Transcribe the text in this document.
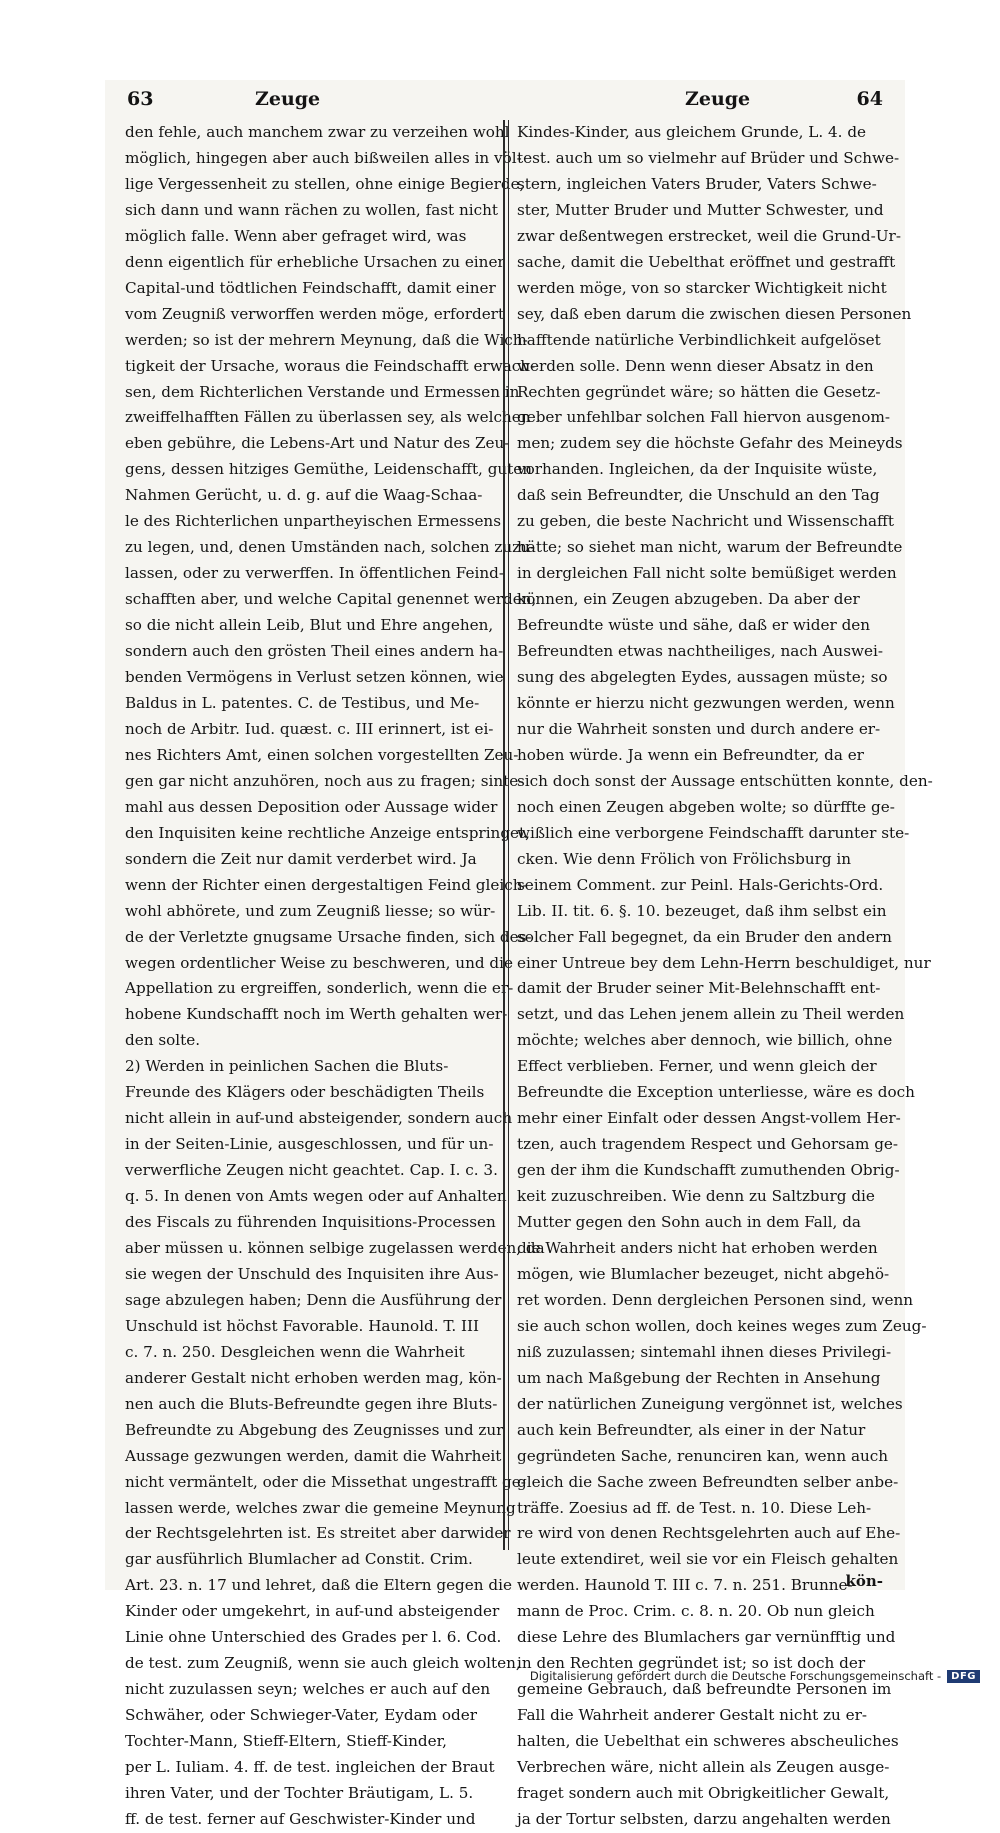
63	Zeuge	Zeuge	64
den fehle, auch manchem zwar zu verzeihen wohl
möglich, hingegen aber auch bißweilen alles in völ-
lige Vergessenheit zu stellen, ohne einige Begierde,
sich dann und wann rächen zu wollen, fast nicht
möglich falle. Wenn aber gefraget wird, was
denn eigentlich für erhebliche Ursachen zu einer
Capital-und tödtlichen Feindschafft, damit einer
vom Zeugniß verworffen werden möge, erfordert
werden; so ist der mehrern Meynung, daß die Wich-
tigkeit der Ursache, woraus die Feindschafft erwach-
sen, dem Richterlichen Verstande und Ermessen in
zweiffelhafften Fällen zu überlassen sey, als welchen
eben gebühre, die Lebens-Art und Natur des Zeu-
gens, dessen hitziges Gemüthe, Leidenschafft, guten
Nahmen Gerücht, u. d. g. auf die Waag-Schaa-
le des Richterlichen unpartheyischen Ermessens
zu legen, und, denen Umständen nach, solchen zuzu-
lassen, oder zu verwerffen. In öffentlichen Feind-
schafften aber, und welche Capital genennet werden,
so die nicht allein Leib, Blut und Ehre angehen,
sondern auch den grösten Theil eines andern ha-
benden Vermögens in Verlust setzen können, wie
Baldus in L. patentes. C. de Testibus, und Me-
noch de Arbitr. Iud. quæst. c. III erinnert, ist ei-
nes Richters Amt, einen solchen vorgestellten Zeu-
gen gar nicht anzuhören, noch aus zu fragen; sinte-
mahl aus dessen Deposition oder Aussage wider
den Inquisiten keine rechtliche Anzeige entspringet,
sondern die Zeit nur damit verderbet wird. Ja
wenn der Richter einen dergestaltigen Feind gleich-
wohl abhörete, und zum Zeugniß liesse; so wür-
de der Verletzte gnugsame Ursache finden, sich des-
wegen ordentlicher Weise zu beschweren, und die
Appellation zu ergreiffen, sonderlich, wenn die er-
hobene Kundschafft noch im Werth gehalten wer-
den solte.
2) Werden in peinlichen Sachen die Bluts-
Freunde des Klägers oder beschädigten Theils
nicht allein in auf-und absteigender, sondern auch
in der Seiten-Linie, ausgeschlossen, und für un-
verwerfliche Zeugen nicht geachtet. Cap. I. c. 3.
q. 5. In denen von Amts wegen oder auf Anhalten
des Fiscals zu führenden Inquisitions-Processen
aber müssen u. können selbige zugelassen werden, da
sie wegen der Unschuld des Inquisiten ihre Aus-
sage abzulegen haben; Denn die Ausführung der
Unschuld ist höchst Favorable. Haunold. T. III
c. 7. n. 250. Desgleichen wenn die Wahrheit
anderer Gestalt nicht erhoben werden mag, kön-
nen auch die Bluts-Befreundte gegen ihre Bluts-
Befreundte zu Abgebung des Zeugnisses und zur
Aussage gezwungen werden, damit die Wahrheit
nicht vermäntelt, oder die Missethat ungestrafft ge-
lassen werde, welches zwar die gemeine Meynung
der Rechtsgelehrten ist. Es streitet aber darwider
gar ausführlich Blumlacher ad Constit. Crim.
Art. 23. n. 17 und lehret, daß die Eltern gegen die
Kinder oder umgekehrt, in auf-und absteigender
Linie ohne Unterschied des Grades per l. 6. Cod.
de test. zum Zeugniß, wenn sie auch gleich wolten,
nicht zuzulassen seyn; welches er auch auf den
Schwäher, oder Schwieger-Vater, Eydam oder
Tochter-Mann, Stieff-Eltern, Stieff-Kinder,
per L. Iuliam. 4. ff. de test. ingleichen der Braut
ihren Vater, und der Tochter Bräutigam, L. 5.
ff. de test. ferner auf Geschwister-Kinder und
Kindes-Kinder, aus gleichem Grunde, L. 4. de
test. auch um so vielmehr auf Brüder und Schwe-
stern, ingleichen Vaters Bruder, Vaters Schwe-
ster, Mutter Bruder und Mutter Schwester, und
zwar deßentwegen erstrecket, weil die Grund-Ur-
sache, damit die Uebelthat eröffnet und gestrafft
werden möge, von so starcker Wichtigkeit nicht
sey, daß eben darum die zwischen diesen Personen
hafftende natürliche Verbindlichkeit aufgelöset
werden solle. Denn wenn dieser Absatz in den
Rechten gegründet wäre; so hätten die Gesetz-
geber unfehlbar solchen Fall hiervon ausgenom-
men; zudem sey die höchste Gefahr des Meineyds
vorhanden. Ingleichen, da der Inquisite wüste,
daß sein Befreundter, die Unschuld an den Tag
zu geben, die beste Nachricht und Wissenschafft
hätte; so siehet man nicht, warum der Befreundte
in dergleichen Fall nicht solte bemüßiget werden
können, ein Zeugen abzugeben. Da aber der
Befreundte wüste und sähe, daß er wider den
Befreundten etwas nachtheiliges, nach Auswei-
sung des abgelegten Eydes, aussagen müste; so
könnte er hierzu nicht gezwungen werden, wenn
nur die Wahrheit sonsten und durch andere er-
hoben würde. Ja wenn ein Befreundter, da er
sich doch sonst der Aussage entschütten konnte, den-
noch einen Zeugen abgeben wolte; so dürffte ge-
wißlich eine verborgene Feindschafft darunter ste-
cken. Wie denn Frölich von Frölichsburg in
seinem Comment. zur Peinl. Hals-Gerichts-Ord.
Lib. II. tit. 6. §. 10. bezeuget, daß ihm selbst ein
solcher Fall begegnet, da ein Bruder den andern
einer Untreue bey dem Lehn-Herrn beschuldiget, nur
damit der Bruder seiner Mit-Belehnschafft ent-
setzt, und das Lehen jenem allein zu Theil werden
möchte; welches aber dennoch, wie billich, ohne
Effect verblieben. Ferner, und wenn gleich der
Befreundte die Exception unterliesse, wäre es doch
mehr einer Einfalt oder dessen Angst-vollem Her-
tzen, auch tragendem Respect und Gehorsam ge-
gen der ihm die Kundschafft zumuthenden Obrig-
keit zuzuschreiben. Wie denn zu Saltzburg die
Mutter gegen den Sohn auch in dem Fall, da
die Wahrheit anders nicht hat erhoben werden
mögen, wie Blumlacher bezeuget, nicht abgehö-
ret worden. Denn dergleichen Personen sind, wenn
sie auch schon wollen, doch keines weges zum Zeug-
niß zuzulassen; sintemahl ihnen dieses Privilegi-
um nach Maßgebung der Rechten in Ansehung
der natürlichen Zuneigung vergönnet ist, welches
auch kein Befreundter, als einer in der Natur
gegründeten Sache, renunciren kan, wenn auch
gleich die Sache zween Befreundten selber anbe-
träffe. Zoesius ad ff. de Test. n. 10. Diese Leh-
re wird von denen Rechtsgelehrten auch auf Ehe-
leute extendiret, weil sie vor ein Fleisch gehalten
werden. Haunold T. III c. 7. n. 251. Brunne-
mann de Proc. Crim. c. 8. n. 20. Ob nun gleich
diese Lehre des Blumlachers gar vernünfftig und
in den Rechten gegründet ist; so ist doch der
gemeine Gebrauch, daß befreundte Personen im
Fall die Wahrheit anderer Gestalt nicht zu er-
halten, die Uebelthat ein schweres abscheuliches
Verbrechen wäre, nicht allein als Zeugen ausge-
fraget sondern auch mit Obrigkeitlicher Gewalt,
ja der Tortur selbsten, darzu angehalten werden
kön-
Digitalisierung gefördert durch die Deutsche Forschungsgemeinschaft -	DFG
